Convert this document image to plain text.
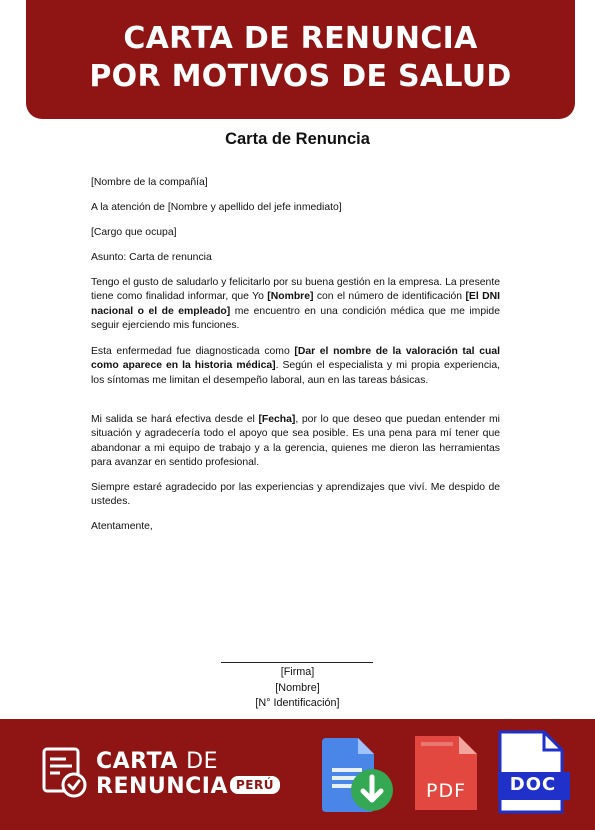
CARTA DE RENUNCIA
POR MOTIVOS DE SALUD
Carta de Renuncia
[Nombre de la compañía]
A la atención de [Nombre y apellido del jefe inmediato]
[Cargo que ocupa]
Asunto: Carta de renuncia
Tengo el gusto de saludarlo y felicitarlo por su buena gestión en la empresa. La presente tiene como finalidad informar, que Yo [Nombre] con el número de identificación [El DNI nacional o el de empleado] me encuentro en una condición médica que me impide seguir ejerciendo mis funciones.
Esta enfermedad fue diagnosticada como [Dar el nombre de la valoración tal cual como aparece en la historia médica]. Según el especialista y mi propia experiencia, los síntomas me limitan el desempeño laboral, aun en las tareas básicas.
Mi salida se hará efectiva desde el [Fecha], por lo que deseo que puedan entender mi situación y agradecería todo el apoyo que sea posible. Es una pena para mí tener que abandonar a mi equipo de trabajo y a la gerencia, quienes me dieron las herramientas para avanzar en sentido profesional.
Siempre estaré agradecido por las experiencias y aprendizajes que viví. Me despido de ustedes.
Atentamente,
[Firma]
[Nombre]
[N° Identificación]
CARTA DE
RENUNCIA PERÚ	PDF	DOC
